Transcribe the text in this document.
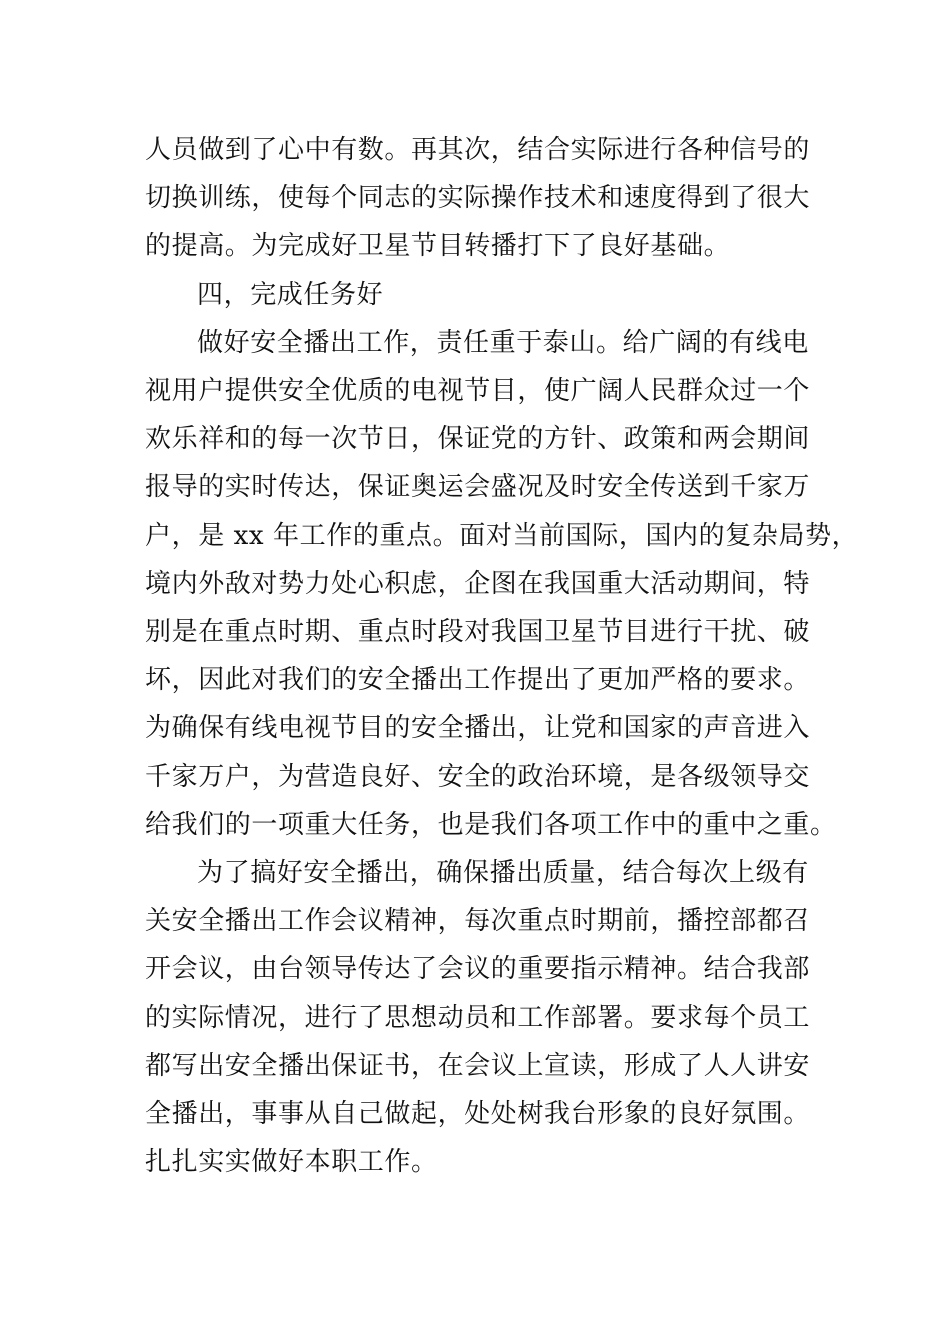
人员做到了心中有数。再其次，结合实际进行各种信号的
切换训练，使每个同志的实际操作技术和速度得到了很大
的提高。为完成好卫星节目转播打下了良好基础。

四，完成任务好

做好安全播出工作，责任重于泰山。给广阔的有线电
视用户提供安全优质的电视节目，使广阔人民群众过一个
欢乐祥和的每一次节日，保证党的方针、政策和两会期间
报导的实时传达，保证奥运会盛况及时安全传送到千家万
户，是 xx 年工作的重点。面对当前国际，国内的复杂局势，
境内外敌对势力处心积虑，企图在我国重大活动期间，特
别是在重点时期、重点时段对我国卫星节目进行干扰、破
坏，因此对我们的安全播出工作提出了更加严格的要求。
为确保有线电视节目的安全播出，让党和国家的声音进入
千家万户，为营造良好、安全的政治环境，是各级领导交
给我们的一项重大任务，也是我们各项工作中的重中之重。

为了搞好安全播出，确保播出质量，结合每次上级有
关安全播出工作会议精神，每次重点时期前，播控部都召
开会议，由台领导传达了会议的重要指示精神。结合我部
的实际情况，进行了思想动员和工作部署。要求每个员工
都写出安全播出保证书，在会议上宣读，形成了人人讲安
全播出，事事从自己做起，处处树我台形象的良好氛围。
扎扎实实做好本职工作。
